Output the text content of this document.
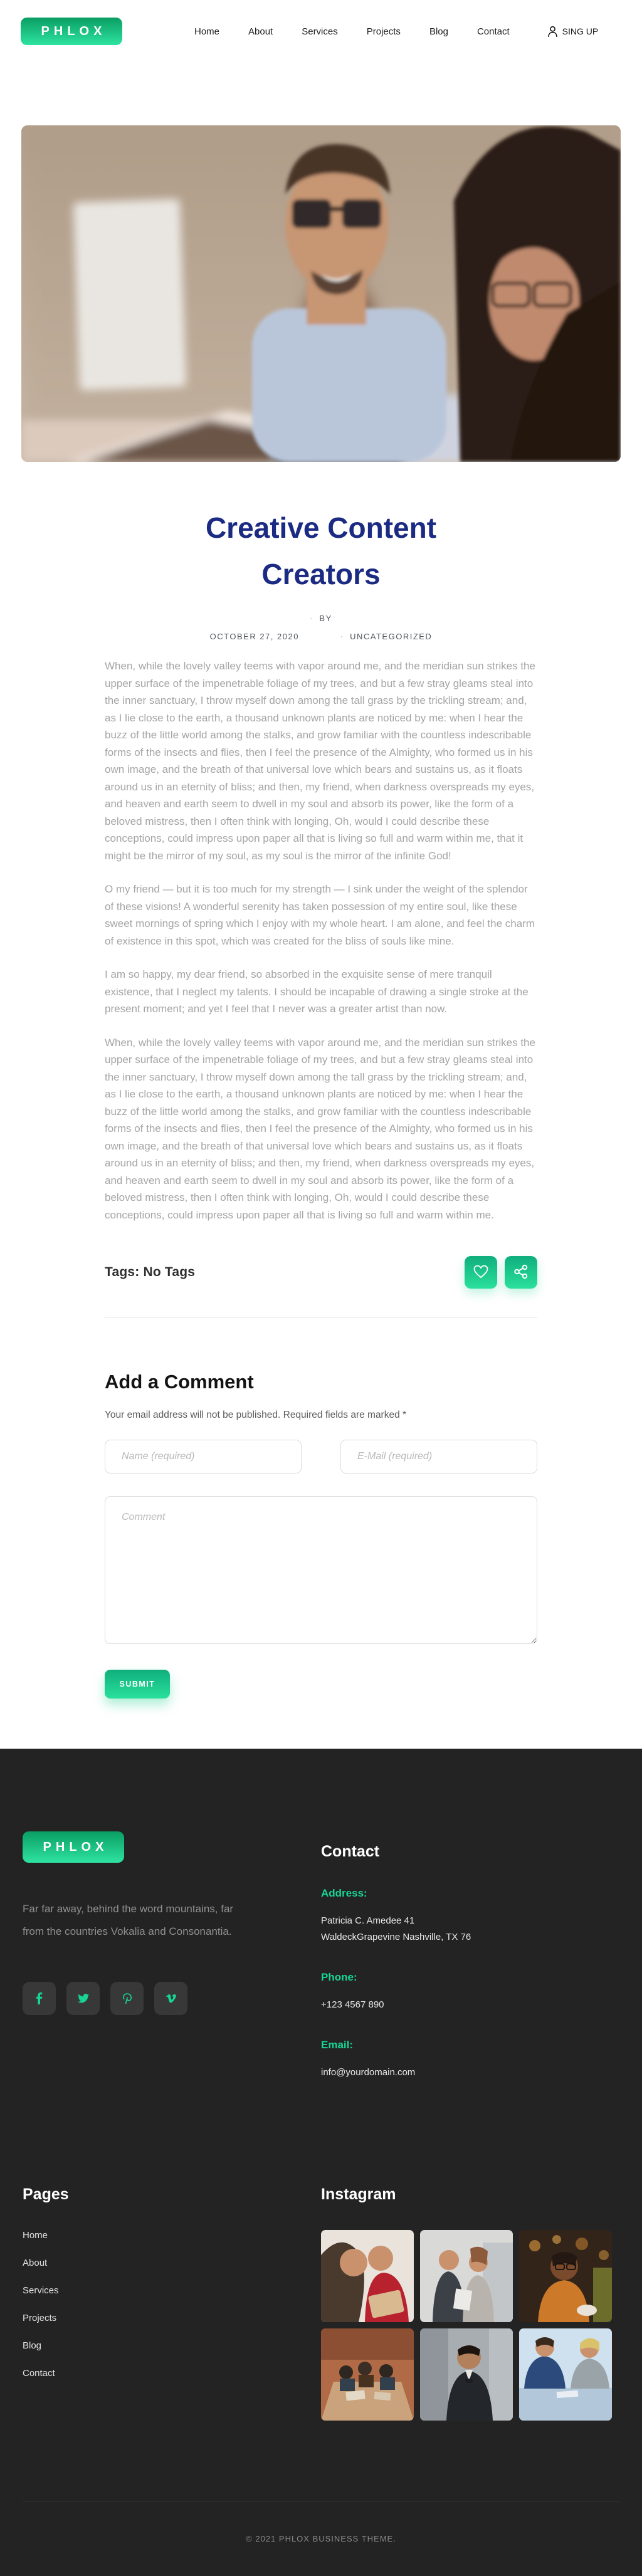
PHLOX	Home	About	Services	Projects	Blog	Contact	SING UP
Creative Content Creators
· BY
OCTOBER 27, 2020	· UNCATEGORIZED

When, while the lovely valley teems with vapor around me, and the meridian sun strikes the upper surface of the impenetrable foliage of my trees, and but a few stray gleams steal into the inner sanctuary, I throw myself down among the tall grass by the trickling stream; and, as I lie close to the earth, a thousand unknown plants are noticed by me: when I hear the buzz of the little world among the stalks, and grow familiar with the countless indescribable forms of the insects and flies, then I feel the presence of the Almighty, who formed us in his own image, and the breath of that universal love which bears and sustains us, as it floats around us in an eternity of bliss; and then, my friend, when darkness overspreads my eyes, and heaven and earth seem to dwell in my soul and absorb its power, like the form of a beloved mistress, then I often think with longing, Oh, would I could describe these conceptions, could impress upon paper all that is living so full and warm within me, that it might be the mirror of my soul, as my soul is the mirror of the infinite God!

O my friend — but it is too much for my strength — I sink under the weight of the splendor of these visions! A wonderful serenity has taken possession of my entire soul, like these sweet mornings of spring which I enjoy with my whole heart. I am alone, and feel the charm of existence in this spot, which was created for the bliss of souls like mine.

I am so happy, my dear friend, so absorbed in the exquisite sense of mere tranquil existence, that I neglect my talents. I should be incapable of drawing a single stroke at the present moment; and yet I feel that I never was a greater artist than now.

When, while the lovely valley teems with vapor around me, and the meridian sun strikes the upper surface of the impenetrable foliage of my trees, and but a few stray gleams steal into the inner sanctuary, I throw myself down among the tall grass by the trickling stream; and, as I lie close to the earth, a thousand unknown plants are noticed by me: when I hear the buzz of the little world among the stalks, and grow familiar with the countless indescribable forms of the insects and flies, then I feel the presence of the Almighty, who formed us in his own image, and the breath of that universal love which bears and sustains us, as it floats around us in an eternity of bliss; and then, my friend, when darkness overspreads my eyes, and heaven and earth seem to dwell in my soul and absorb its power, like the form of a beloved mistress, then I often think with longing, Oh, would I could describe these conceptions, could impress upon paper all that is living so full and warm within me.

Tags: No Tags
Add a Comment

Your email address will not be published. Required fields are marked *

Name (required)
E-Mail (required)
Comment
SUBMIT
PHLOX

Far far away, behind the word mountains, far from the countries Vokalia and Consonantia.

Contact
Address:
Patricia C. Amedee 41
WaldeckGrapevine Nashville, TX 76
Phone:
+123 4567 890
Email:
info@yourdomain.com
Pages
Home
About
Services
Projects
Blog
Contact
Instagram
© 2021 PHLOX BUSINESS THEME.
